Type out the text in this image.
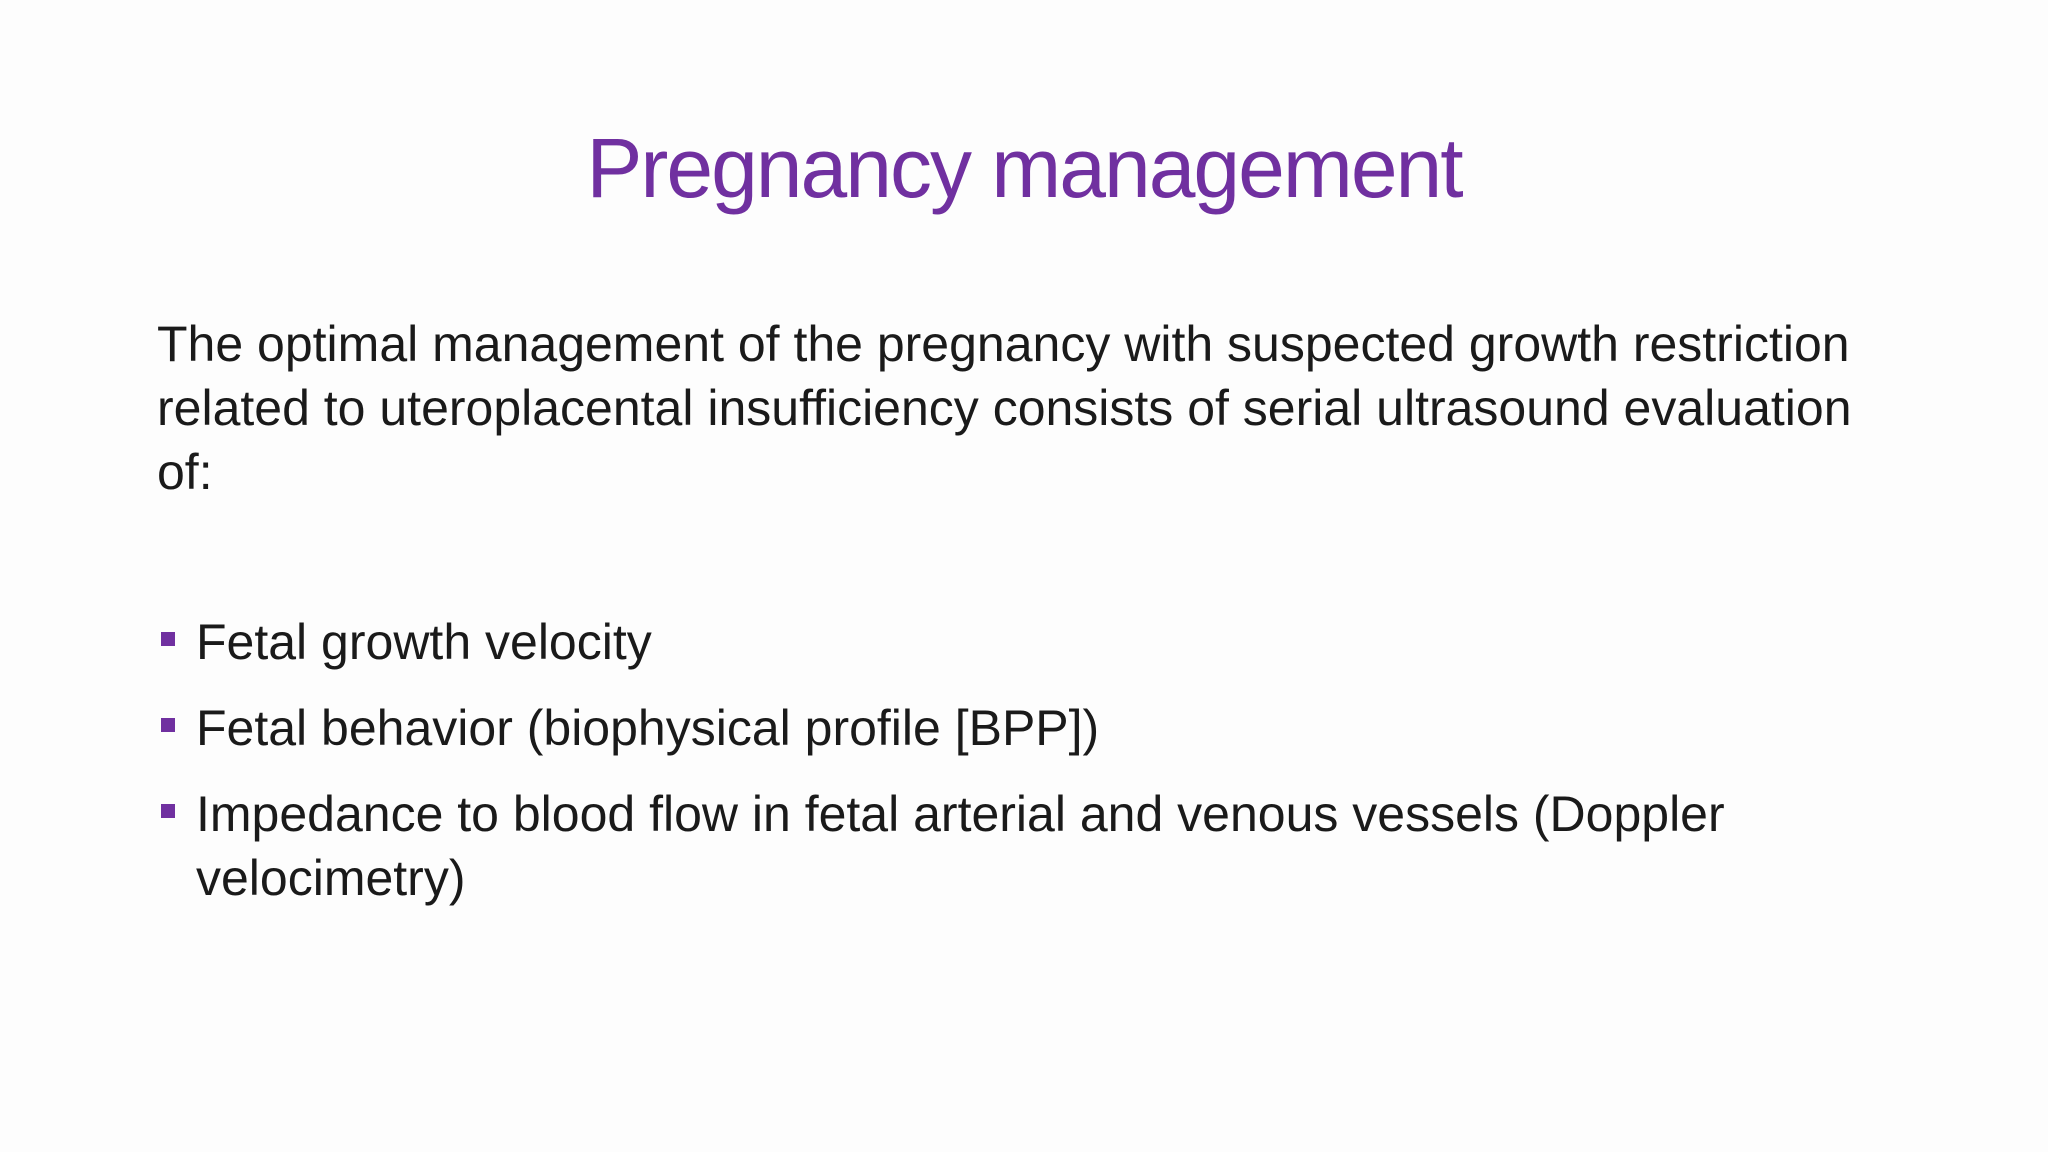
Pregnancy management

The optimal management of the pregnancy with suspected growth restriction related to uteroplacental insufficiency consists of serial ultrasound evaluation of:

Fetal growth velocity
Fetal behavior (biophysical profile [BPP])
Impedance to blood flow in fetal arterial and venous vessels (Doppler velocimetry)
